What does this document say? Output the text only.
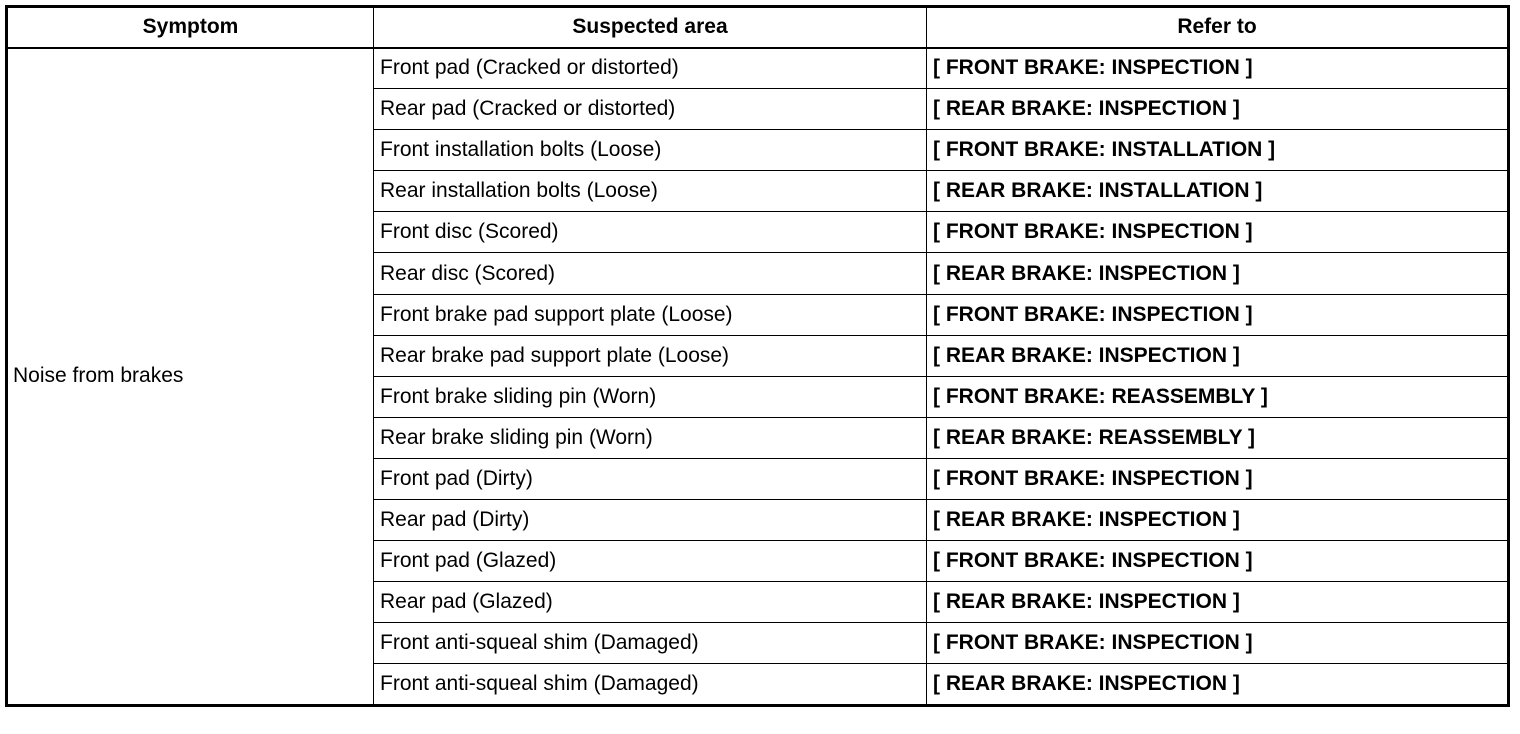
Symptom	Suspected area	Refer to
Noise from brakes	Front pad (Cracked or distorted)	[ FRONT BRAKE: INSPECTION ]
	Rear pad (Cracked or distorted)	[ REAR BRAKE: INSPECTION ]
	Front installation bolts (Loose)	[ FRONT BRAKE: INSTALLATION ]
	Rear installation bolts (Loose)	[ REAR BRAKE: INSTALLATION ]
	Front disc (Scored)	[ FRONT BRAKE: INSPECTION ]
	Rear disc (Scored)	[ REAR BRAKE: INSPECTION ]
	Front brake pad support plate (Loose)	[ FRONT BRAKE: INSPECTION ]
	Rear brake pad support plate (Loose)	[ REAR BRAKE: INSPECTION ]
	Front brake sliding pin (Worn)	[ FRONT BRAKE: REASSEMBLY ]
	Rear brake sliding pin (Worn)	[ REAR BRAKE: REASSEMBLY ]
	Front pad (Dirty)	[ FRONT BRAKE: INSPECTION ]
	Rear pad (Dirty)	[ REAR BRAKE: INSPECTION ]
	Front pad (Glazed)	[ FRONT BRAKE: INSPECTION ]
	Rear pad (Glazed)	[ REAR BRAKE: INSPECTION ]
	Front anti-squeal shim (Damaged)	[ FRONT BRAKE: INSPECTION ]
	Front anti-squeal shim (Damaged)	[ REAR BRAKE: INSPECTION ]
